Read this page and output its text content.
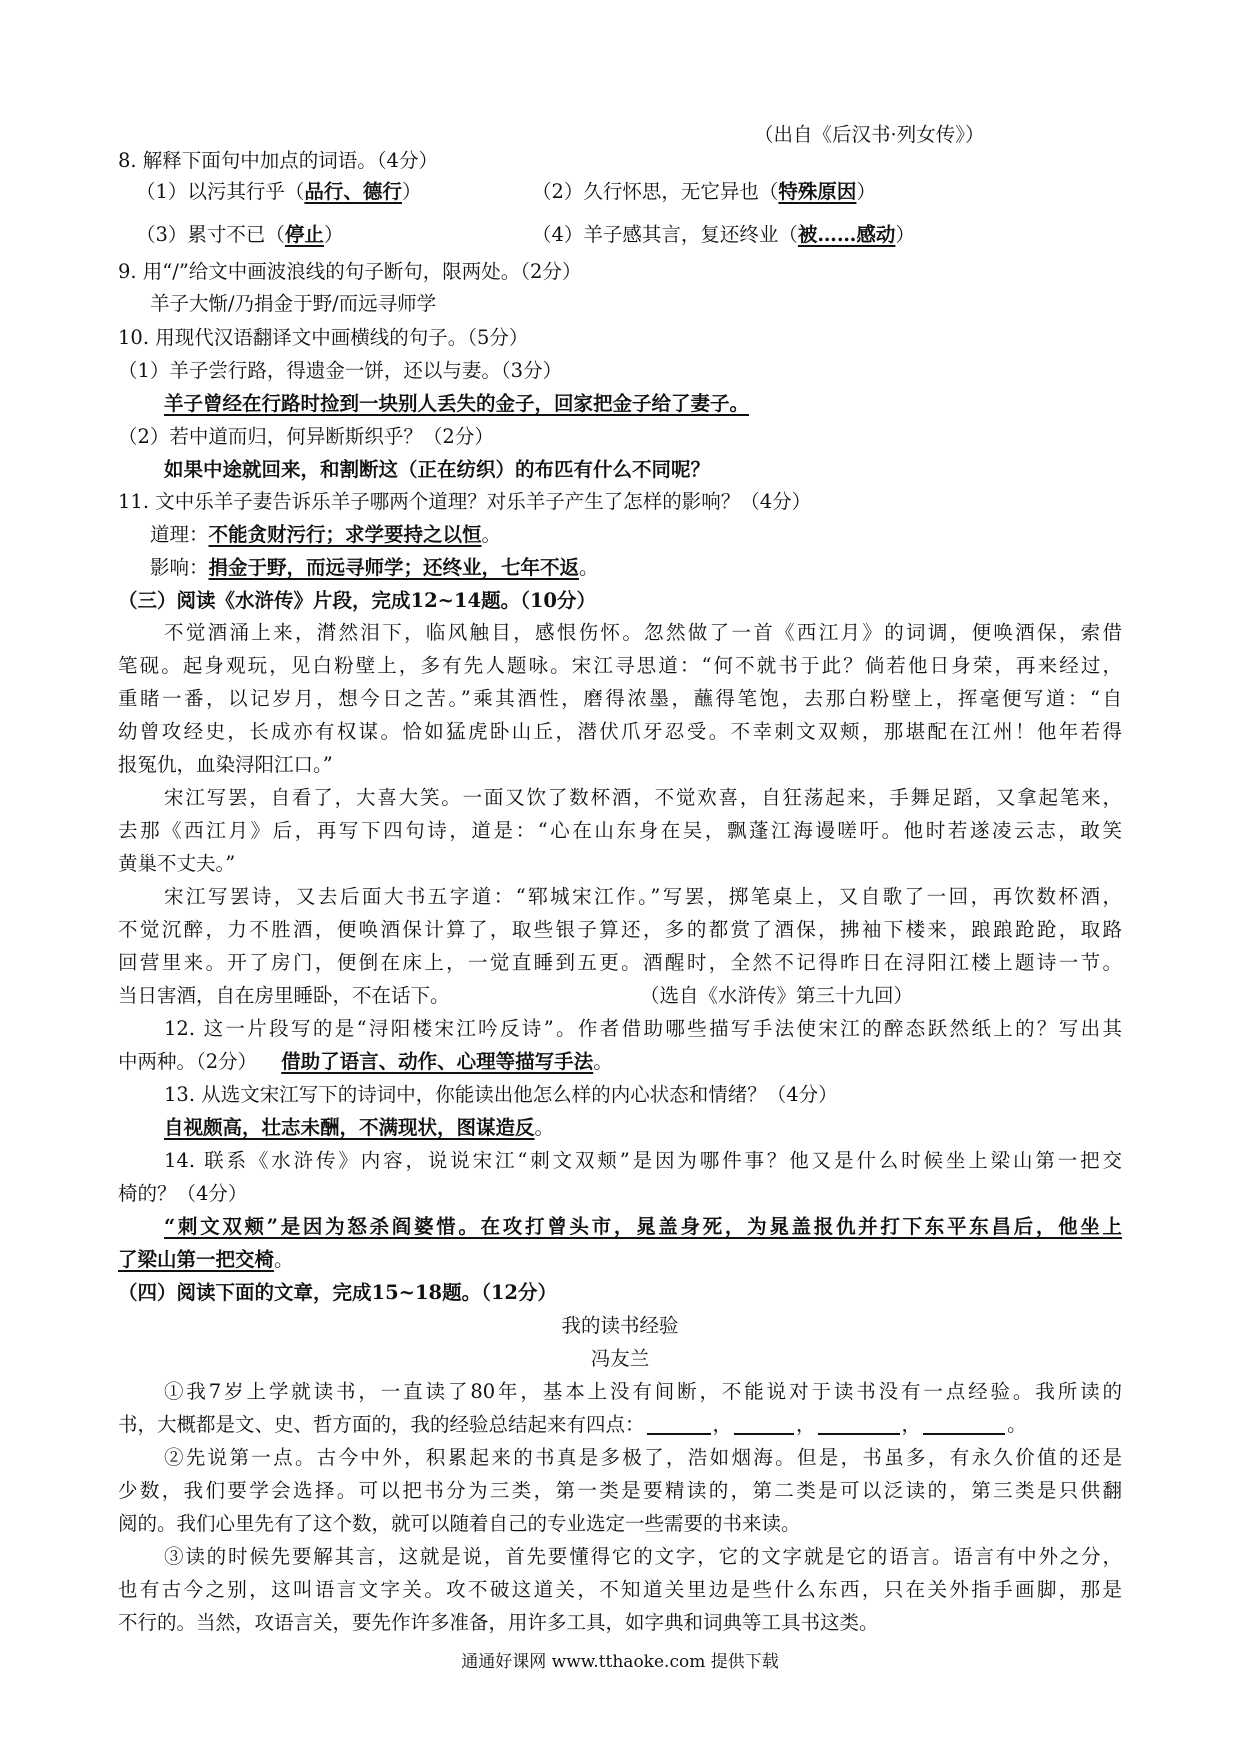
（出自《后汉书·列女传》）
8. 解释下面句中加点的词语。（4分）
（1）以污其行乎（品行、德行）	（2）久行怀思，无它异也（特殊原因）
（3）累寸不已（停止）	（4）羊子感其言，复还终业（被……感动）
9. 用“/”给文中画波浪线的句子断句，限两处。（2分）
羊子大惭/乃捐金于野/而远寻师学
10. 用现代汉语翻译文中画横线的句子。（5分）
（1）羊子尝行路，得遗金一饼，还以与妻。（3分）
羊子曾经在行路时捡到一块别人丢失的金子，回家把金子给了妻子。
（2）若中道而归，何异断斯织乎？（2分）
如果中途就回来，和割断这（正在纺织）的布匹有什么不同呢？
11. 文中乐羊子妻告诉乐羊子哪两个道理？对乐羊子产生了怎样的影响？（4分）
道理：不能贪财污行；求学要持之以恒。
影响：捐金于野，而远寻师学；还终业，七年不返。
（三）阅读《水浒传》片段，完成12~14题。（10分）
不觉酒涌上来，潸然泪下，临风触目，感恨伤怀。忽然做了一首《西江月》的词调，便唤酒保，索借
笔砚。起身观玩，见白粉壁上，多有先人题咏。宋江寻思道：“何不就书于此？倘若他日身荣，再来经过，
重睹一番，以记岁月，想今日之苦。”乘其酒性，磨得浓墨，蘸得笔饱，去那白粉壁上，挥毫便写道：“自
幼曾攻经史，长成亦有权谋。恰如猛虎卧山丘，潜伏爪牙忍受。不幸刺文双颊，那堪配在江州！他年若得
报冤仇，血染浔阳江口。”
宋江写罢，自看了，大喜大笑。一面又饮了数杯酒，不觉欢喜，自狂荡起来，手舞足蹈，又拿起笔来，
去那《西江月》后，再写下四句诗，道是：“心在山东身在吴，飘蓬江海谩嗟吁。他时若遂凌云志，敢笑
黄巢不丈夫。”
宋江写罢诗，又去后面大书五字道：“郓城宋江作。”写罢，掷笔桌上，又自歌了一回，再饮数杯酒，
不觉沉醉，力不胜酒，便唤酒保计算了，取些银子算还，多的都赏了酒保，拂袖下楼来，踉踉跄跄，取路
回营里来。开了房门，便倒在床上，一觉直睡到五更。酒醒时，全然不记得昨日在浔阳江楼上题诗一节。
当日害酒，自在房里睡卧，不在话下。	（选自《水浒传》第三十九回）
12. 这一片段写的是“浔阳楼宋江吟反诗”。作者借助哪些描写手法使宋江的醉态跃然纸上的？写出其
中两种。（2分） 借助了语言、动作、心理等描写手法。
13. 从选文宋江写下的诗词中，你能读出他怎么样的内心状态和情绪？（4分）
自视颇高，壮志未酬，不满现状，图谋造反。
14. 联系《水浒传》内容，说说宋江“刺文双颊”是因为哪件事？他又是什么时候坐上梁山第一把交
椅的？（4分）
“刺文双颊”是因为怒杀阎婆惜。在攻打曾头市，晁盖身死，为晁盖报仇并打下东平东昌后，他坐上
了梁山第一把交椅。
（四）阅读下面的文章，完成15~18题。（12分）
我的读书经验
冯友兰
①我7岁上学就读书，一直读了80年，基本上没有间断，不能说对于读书没有一点经验。我所读的
书，大概都是文、史、哲方面的，我的经验总结起来有四点：	，	，	，	。
②先说第一点。古今中外，积累起来的书真是多极了，浩如烟海。但是，书虽多，有永久价值的还是
少数，我们要学会选择。可以把书分为三类，第一类是要精读的，第二类是可以泛读的，第三类是只供翻
阅的。我们心里先有了这个数，就可以随着自己的专业选定一些需要的书来读。
③读的时候先要解其言，这就是说，首先要懂得它的文字，它的文字就是它的语言。语言有中外之分，
也有古今之别，这叫语言文字关。攻不破这道关，不知道关里边是些什么东西，只在关外指手画脚，那是
不行的。当然，攻语言关，要先作许多准备，用许多工具，如字典和词典等工具书这类。
通通好课网 www.tthaoke.com 提供下载
